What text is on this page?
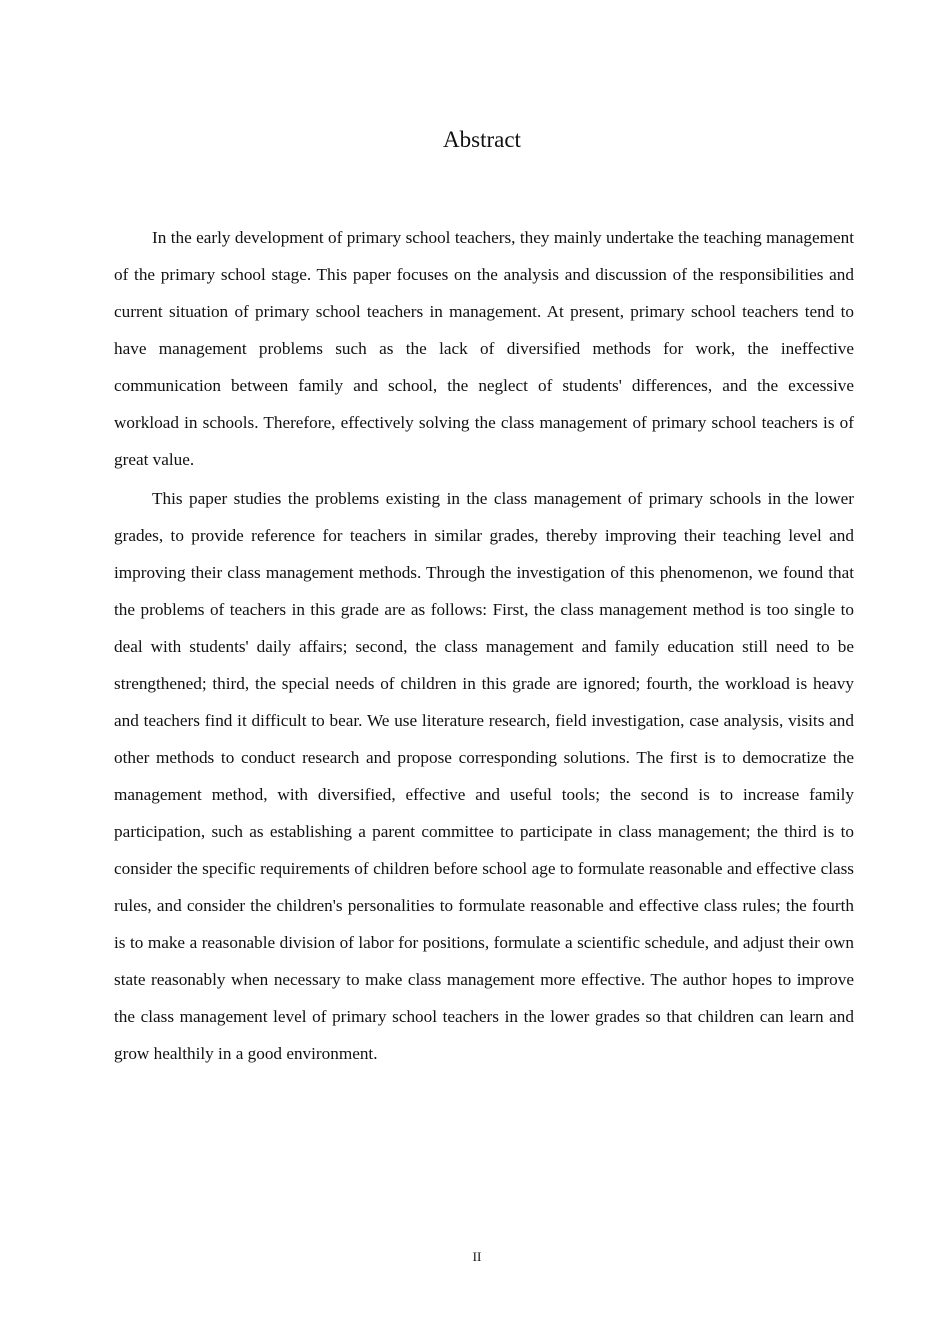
Abstract

In the early development of primary school teachers, they mainly undertake the teaching management of the primary school stage. This paper focuses on the analysis and discussion of the responsibilities and current situation of primary school teachers in management. At present, primary school teachers tend to have management problems such as the lack of diversified methods for work, the ineffective communication between family and school, the neglect of students' differences, and the excessive workload in schools. Therefore, effectively solving the class management of primary school teachers is of great value.

This paper studies the problems existing in the class management of primary schools in the lower grades, to provide reference for teachers in similar grades, thereby improving their teaching level and improving their class management methods. Through the investigation of this phenomenon, we found that the problems of teachers in this grade are as follows: First, the class management method is too single to deal with students' daily affairs; second, the class management and family education still need to be strengthened; third, the special needs of children in this grade are ignored; fourth, the workload is heavy and teachers find it difficult to bear. We use literature research, field investigation, case analysis, visits and other methods to conduct research and propose corresponding solutions. The first is to democratize the management method, with diversified, effective and useful tools; the second is to increase family participation, such as establishing a parent committee to participate in class management; the third is to consider the specific requirements of children before school age to formulate reasonable and effective class rules, and consider the children's personalities to formulate reasonable and effective class rules; the fourth is to make a reasonable division of labor for positions, formulate a scientific schedule, and adjust their own state reasonably when necessary to make class management more effective. The author hopes to improve the class management level of primary school teachers in the lower grades so that children can learn and grow healthily in a good environment.

II
